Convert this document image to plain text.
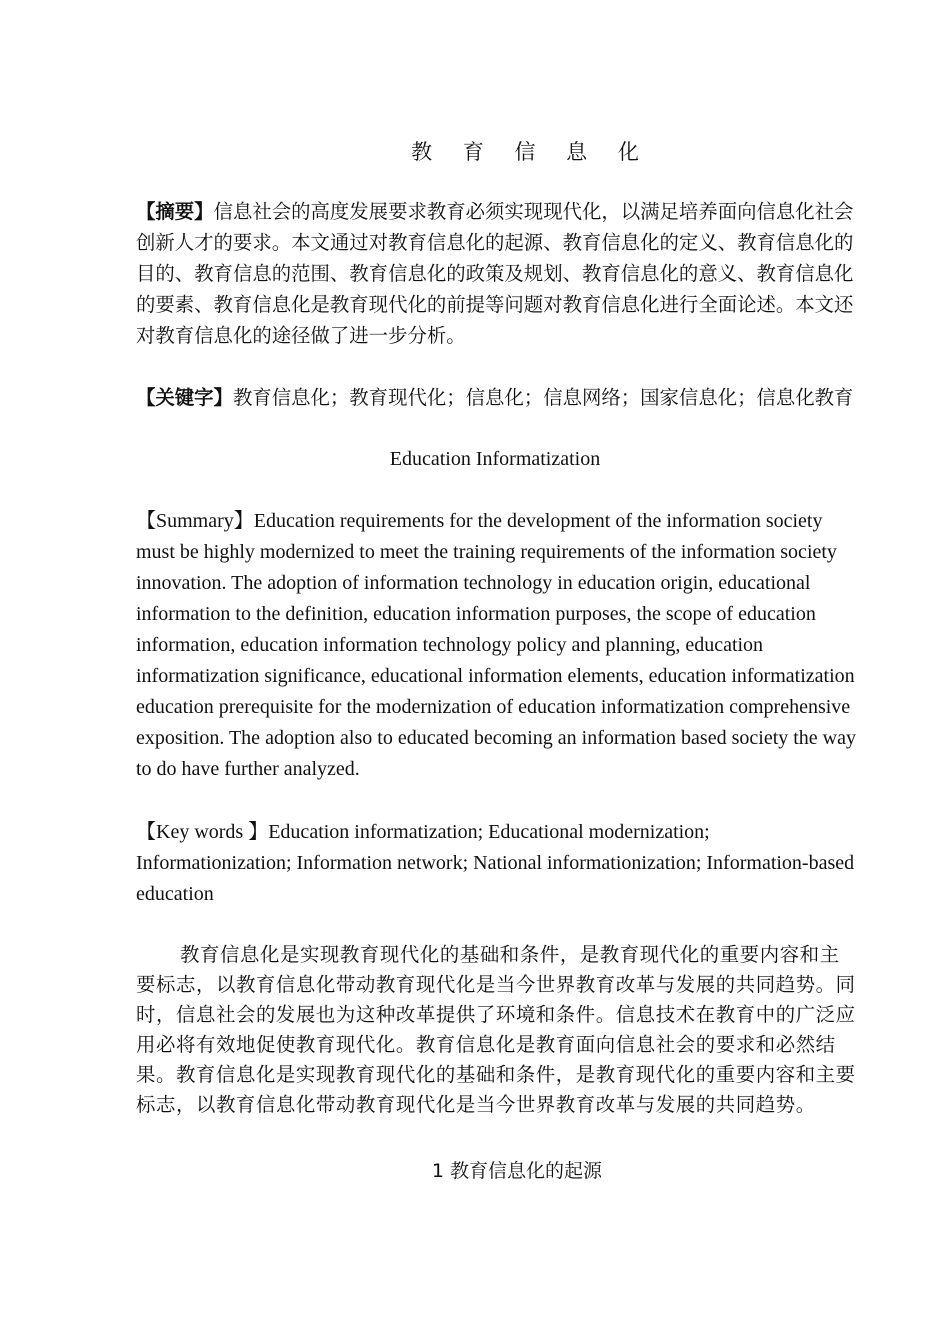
教 育 信 息 化
【摘要】信息社会的高度发展要求教育必须实现现代化，以满足培养面向信息化社会创新人才的要求。本文通过对教育信息化的起源、教育信息化的定义、教育信息化的目的、教育信息的范围、教育信息化的政策及规划、教育信息化的意义、教育信息化的要素、教育信息化是教育现代化的前提等问题对教育信息化进行全面论述。本文还对教育信息化的途径做了进一步分析。
【关键字】教育信息化；教育现代化；信息化；信息网络；国家信息化；信息化教育
Education Informatization
【Summary】Education requirements for the development of the information society must be highly modernized to meet the training requirements of the information society innovation. The adoption of information technology in education origin, educational information to the definition, education information purposes, the scope of education information, education information technology policy and planning, education informatization significance, educational information elements, education informatization education prerequisite for the modernization of education informatization comprehensive exposition. The adoption also to educated becoming an information based society the way to do have further analyzed.
【Key words 】Education informatization; Educational modernization; Informationization; Information network; National informationization; Information-based education
教育信息化是实现教育现代化的基础和条件，是教育现代化的重要内容和主要标志，以教育信息化带动教育现代化是当今世界教育改革与发展的共同趋势。同时，信息社会的发展也为这种改革提供了环境和条件。信息技术在教育中的广泛应用必将有效地促使教育现代化。教育信息化是教育面向信息社会的要求和必然结果。教育信息化是实现教育现代化的基础和条件，是教育现代化的重要内容和主要标志，以教育信息化带动教育现代化是当今世界教育改革与发展的共同趋势。
1 教育信息化的起源
